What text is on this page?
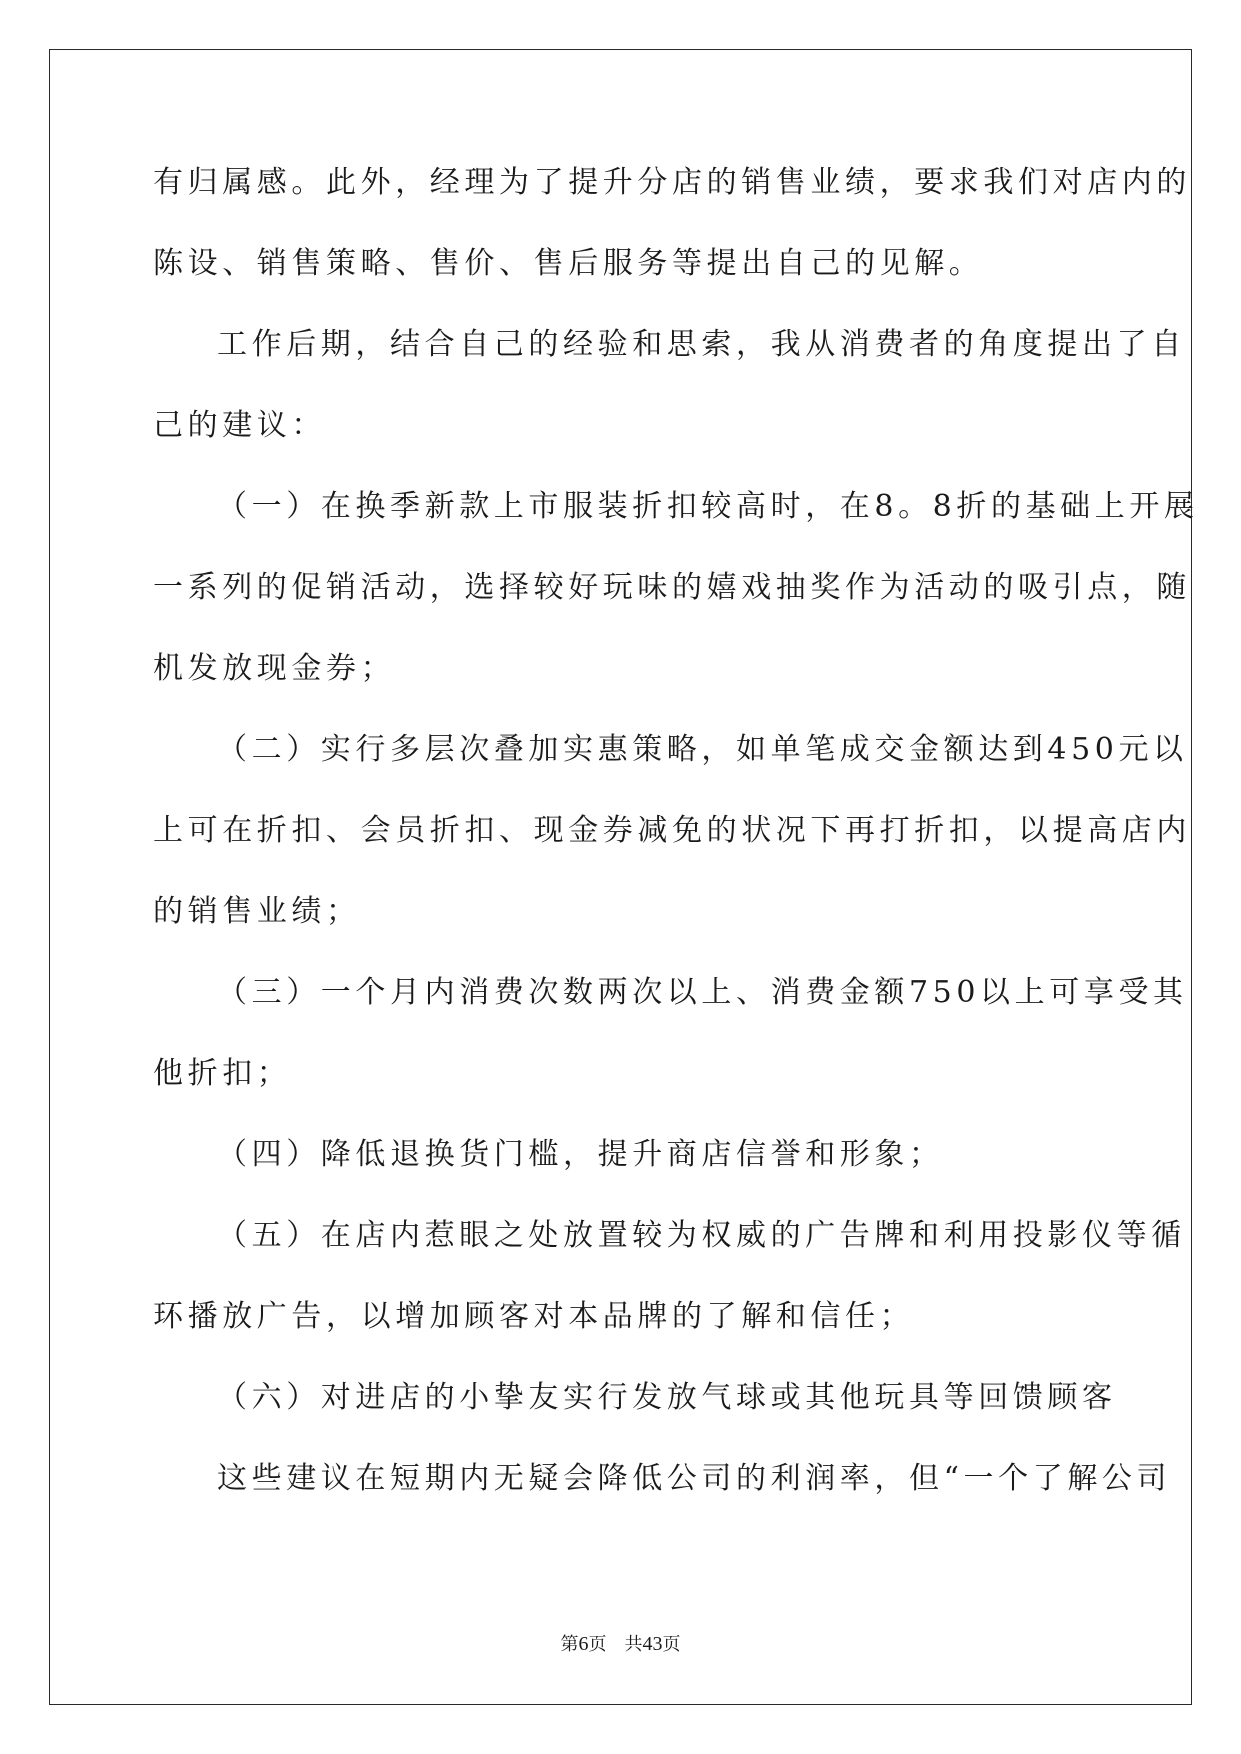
有归属感。此外，经理为了提升分店的销售业绩，要求我们对店内的
陈设、销售策略、售价、售后服务等提出自己的见解。
工作后期，结合自己的经验和思索，我从消费者的角度提出了自
己的建议：
（一）在换季新款上市服装折扣较高时，在8。8折的基础上开展
一系列的促销活动，选择较好玩味的嬉戏抽奖作为活动的吸引点，随
机发放现金券；
（二）实行多层次叠加实惠策略，如单笔成交金额达到450元以
上可在折扣、会员折扣、现金券减免的状况下再打折扣，以提高店内
的销售业绩；
（三）一个月内消费次数两次以上、消费金额750以上可享受其
他折扣；
（四）降低退换货门槛，提升商店信誉和形象；
（五）在店内惹眼之处放置较为权威的广告牌和利用投影仪等循
环播放广告，以增加顾客对本品牌的了解和信任；
（六）对进店的小挚友实行发放气球或其他玩具等回馈顾客
这些建议在短期内无疑会降低公司的利润率，但“一个了解公司
第6页　共43页
